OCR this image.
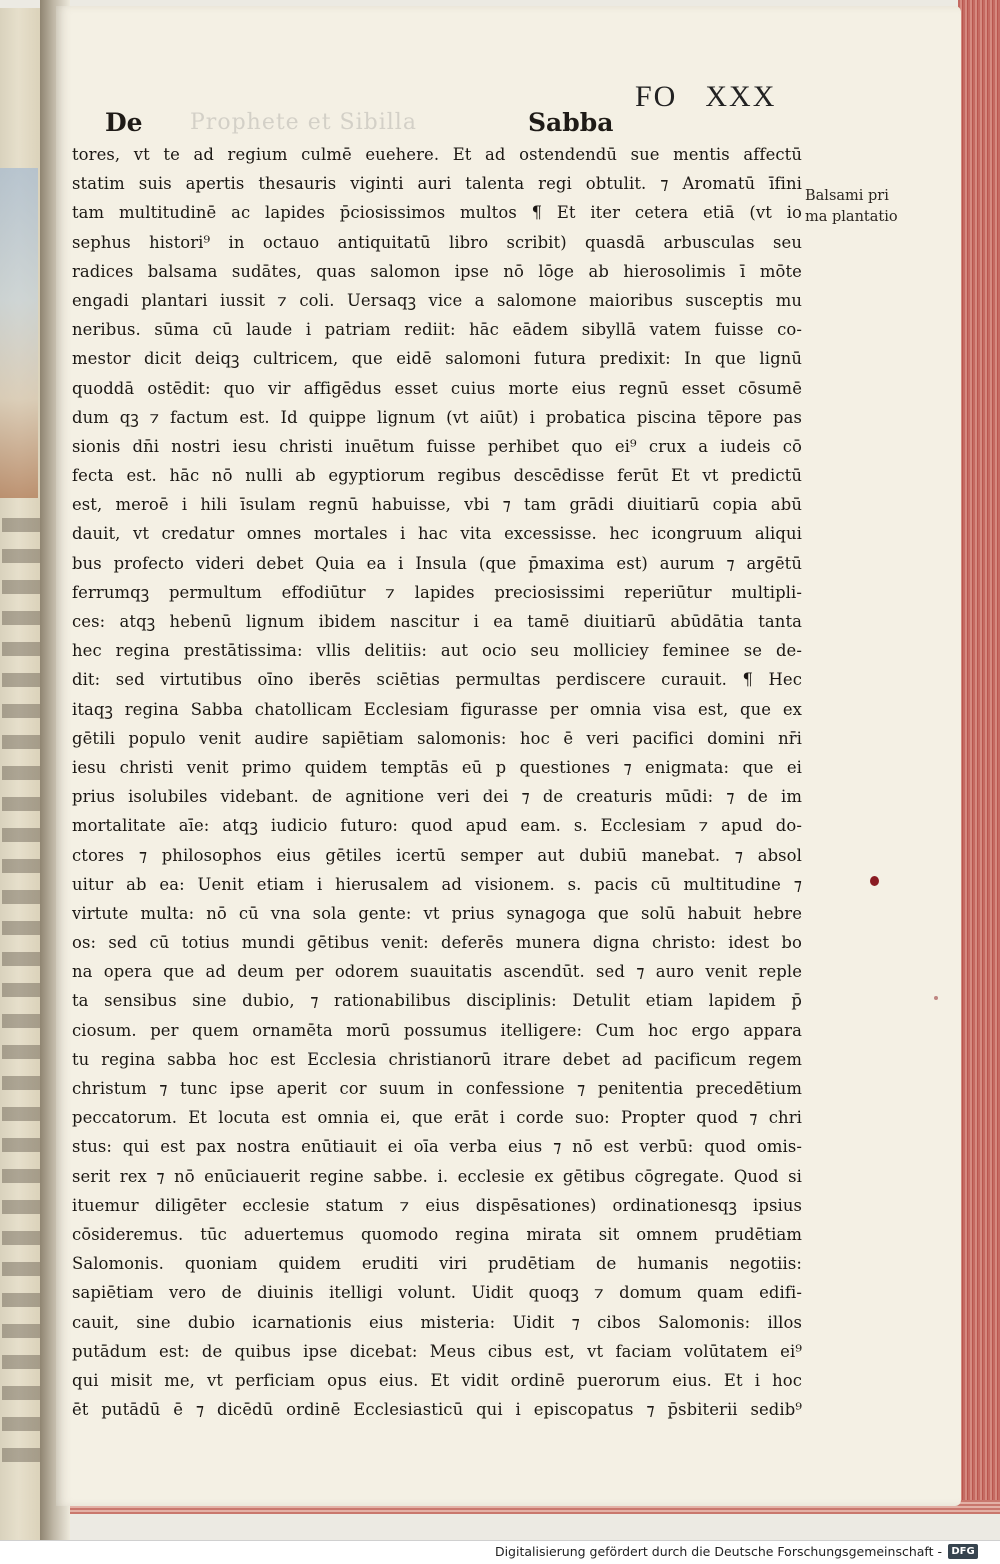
Prophete et Sibilla
FO XXX
De	Sabba
tores, vt te ad regium culmē euehere. Et ad ostendendū sue mentis affectū
statim suis apertis thesauris viginti auri talenta regi obtulit. ⁊ Aromatū īfini
tam multitudinē ac lapides p̄ciosissimos multos ¶ Et iter cetera etiā (vt io
sephus histori⁹ in octauo antiquitatū libro scribit) quasdā arbusculas seu
radices balsama sudātes, quas salomon ipse nō lōge ab hierosolimis ī mōte
engadi plantari iussit ⁊ coli. Uersaqꝫ vice a salomone maioribus susceptis mu
neribus. sūma cū laude i patriam rediit: hāc eādem sibyllā vatem fuisse co-
mestor dicit deiqꝫ cultricem, que eidē salomoni futura predixit: In que lignū
quoddā ostēdit: quo vir affigēdus esset cuius morte eius regnū esset cōsumē
dum qꝫ ⁊ factum est. Id quippe lignum (vt aiūt) i probatica piscina tēpore pas
sionis dn̄i nostri iesu christi inuētum fuisse perhibet quo ei⁹ crux a iudeis cō
fecta est. hāc nō nulli ab egyptiorum regibus descēdisse ferūt Et vt predictū
est, meroē i hili īsulam regnū habuisse, vbi ⁊ tam grādi diuitiarū copia abū
dauit, vt credatur omnes mortales i hac vita excessisse. hec icongruum aliqui
bus profecto videri debet Quia ea i Insula (que p̄maxima est) aurum ⁊ argētū
ferrumqꝫ permultum effodiūtur ⁊ lapides preciosissimi reperiūtur multipli-
ces: atqꝫ hebenū lignum ibidem nascitur i ea tamē diuitiarū abūdātia tanta
hec regina prestātissima: vllis delitiis: aut ocio seu molliciey feminee se de-
dit: sed virtutibus oīno iberēs sciētias permultas perdiscere curauit. ¶ Hec
itaqꝫ regina Sabba chatollicam Ecclesiam figurasse per omnia visa est, que ex
gētili populo venit audire sapiētiam salomonis: hoc ē veri pacifici domini nr̄i
iesu christi venit primo quidem temptās eū p questiones ⁊ enigmata: que ei
prius isolubiles videbant. de agnitione veri dei ⁊ de creaturis mūdi: ⁊ de im
mortalitate aīe: atqꝫ iudicio futuro: quod apud eam. s. Ecclesiam ⁊ apud do-
ctores ⁊ philosophos eius gētiles icertū semper aut dubiū manebat. ⁊ absol
uitur ab ea: Uenit etiam i hierusalem ad visionem. s. pacis cū multitudine ⁊
virtute multa: nō cū vna sola gente: vt prius synagoga que solū habuit hebre
os: sed cū totius mundi gētibus venit: deferēs munera digna christo: idest bo
na opera que ad deum per odorem suauitatis ascendūt. sed ⁊ auro venit reple
ta sensibus sine dubio, ⁊ rationabilibus disciplinis: Detulit etiam lapidem p̄
ciosum. per quem ornamēta morū possumus itelligere: Cum hoc ergo appara
tu regina sabba hoc est Ecclesia christianorū itrare debet ad pacificum regem
christum ⁊ tunc ipse aperit cor suum in confessione ⁊ penitentia precedētium
peccatorum. Et locuta est omnia ei, que erāt i corde suo: Propter quod ⁊ chri
stus: qui est pax nostra enūtiauit ei oīa verba eius ⁊ nō est verbū: quod omis-
serit rex ⁊ nō enūciauerit regine sabbe. i. ecclesie ex gētibus cōgregate. Quod si
ituemur diligēter ecclesie statum ⁊ eius dispēsationes) ordinationesqꝫ ipsius
cōsideremus. tūc aduertemus quomodo regina mirata sit omnem prudētiam
Salomonis. quoniam quidem eruditi viri prudētiam de humanis negotiis:
sapiētiam vero de diuinis itelligi volunt. Uidit quoqꝫ ⁊ domum quam edifi-
cauit, sine dubio icarnationis eius misteria: Uidit ⁊ cibos Salomonis: illos
putādum est: de quibus ipse dicebat: Meus cibus est, vt faciam volūtatem ei⁹
qui misit me, vt perficiam opus eius. Et vidit ordinē puerorum eius. Et i hoc
ēt putādū ē ⁊ dicēdū ordinē Ecclesiasticū qui i episcopatus ⁊ p̄sbiterii sedib⁹
Balsami pri
ma plantatio
Digitalisierung gefördert durch die Deutsche Forschungsgemeinschaft - DFG
